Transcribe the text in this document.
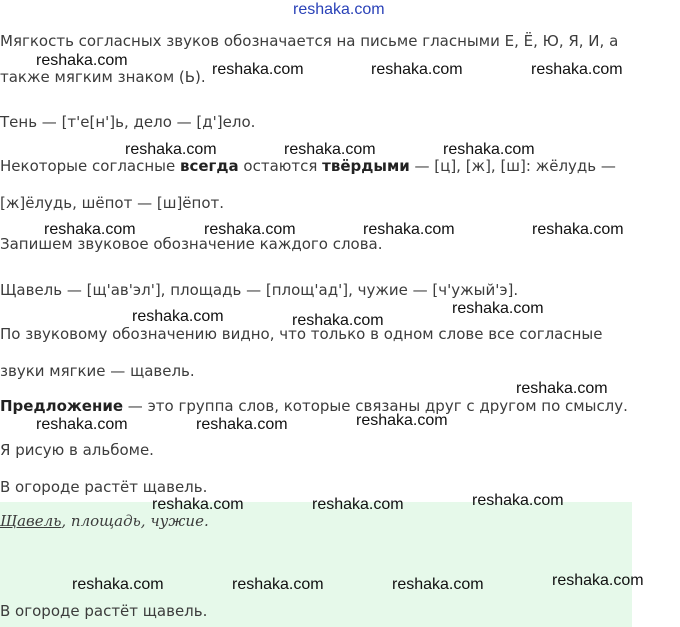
reshaka.com
Мягкость согласных звуков обозначается на письме гласными Е, Ё, Ю, Я, И, а
также мягким знаком (Ь).
Тень — [т'е[н']ь, дело — [д']ело.
Некоторые согласные всегда остаются твёрдыми — [ц], [ж], [ш]: жёлудь —
[ж]ёлудь, шёпот — [ш]ёпот.
Запишем звуковое обозначение каждого слова.
Щавель — [щ'ав'эл'], площадь — [площ'ад'], чужие — [ч'ужый'э].
По звуковому обозначению видно, что только в одном слове все согласные
звуки мягкие — щавель.
Предложение — это группа слов, которые связаны друг с другом по смыслу.
Я рисую в альбоме.
В огороде растёт щавель.
Щавель, площадь, чужие.
В огороде растёт щавель.
reshaka.com
reshaka.com	reshaka.com	reshaka.com
reshaka.com	reshaka.com	reshaka.com
reshaka.com	reshaka.com	reshaka.com	reshaka.com
reshaka.com
reshaka.com	reshaka.com
reshaka.com
reshaka.com
reshaka.com	reshaka.com
reshaka.com
reshaka.com	reshaka.com
reshaka.com
reshaka.com	reshaka.com	reshaka.com
